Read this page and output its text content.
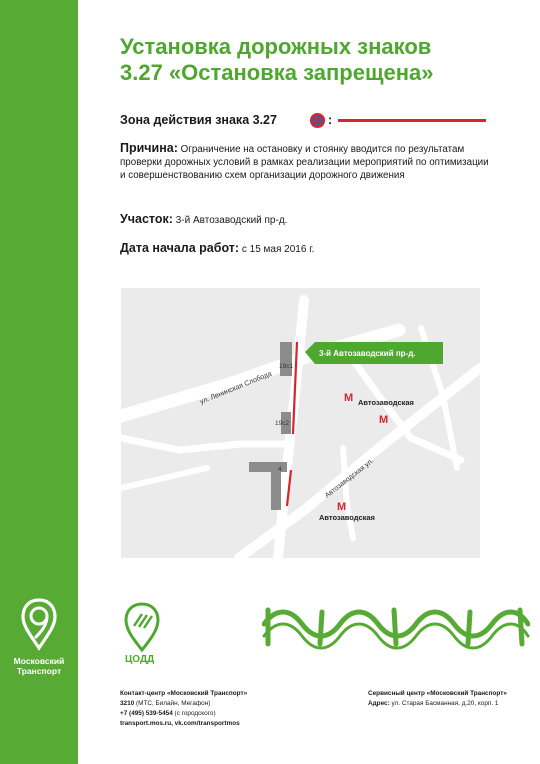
Московский
Транспорт
Установка дорожных знаков
3.27 «Остановка запрещена»
Зона действия знака 3.27	:
Причина: Ограничение на остановку и стоянку вводится по результатам проверки дорожных условий в рамках реализации мероприятий по оптимизации и совершенствованию схем организации дорожного движения
Участок: 3-й Автозаводский пр-д.
Дата начала работ: с 15 мая 2016 г.
ул. Ленинская Слобода
Автозаводская ул.
3-й Автозаводский пр-д.
19с1
19с2
4
М
М
М
Автозаводская
Автозаводская
ЦОДД
Контакт-центр «Московский Транспорт»
3210 (МТС, Билайн, Мегафон)
+7 (495) 539-5454 (с городского)
transport.mos.ru, vk.com/transportmos
Сервисный центр «Московский Транспорт»
Адрес: ул. Старая Басманная, д.20, корп. 1
